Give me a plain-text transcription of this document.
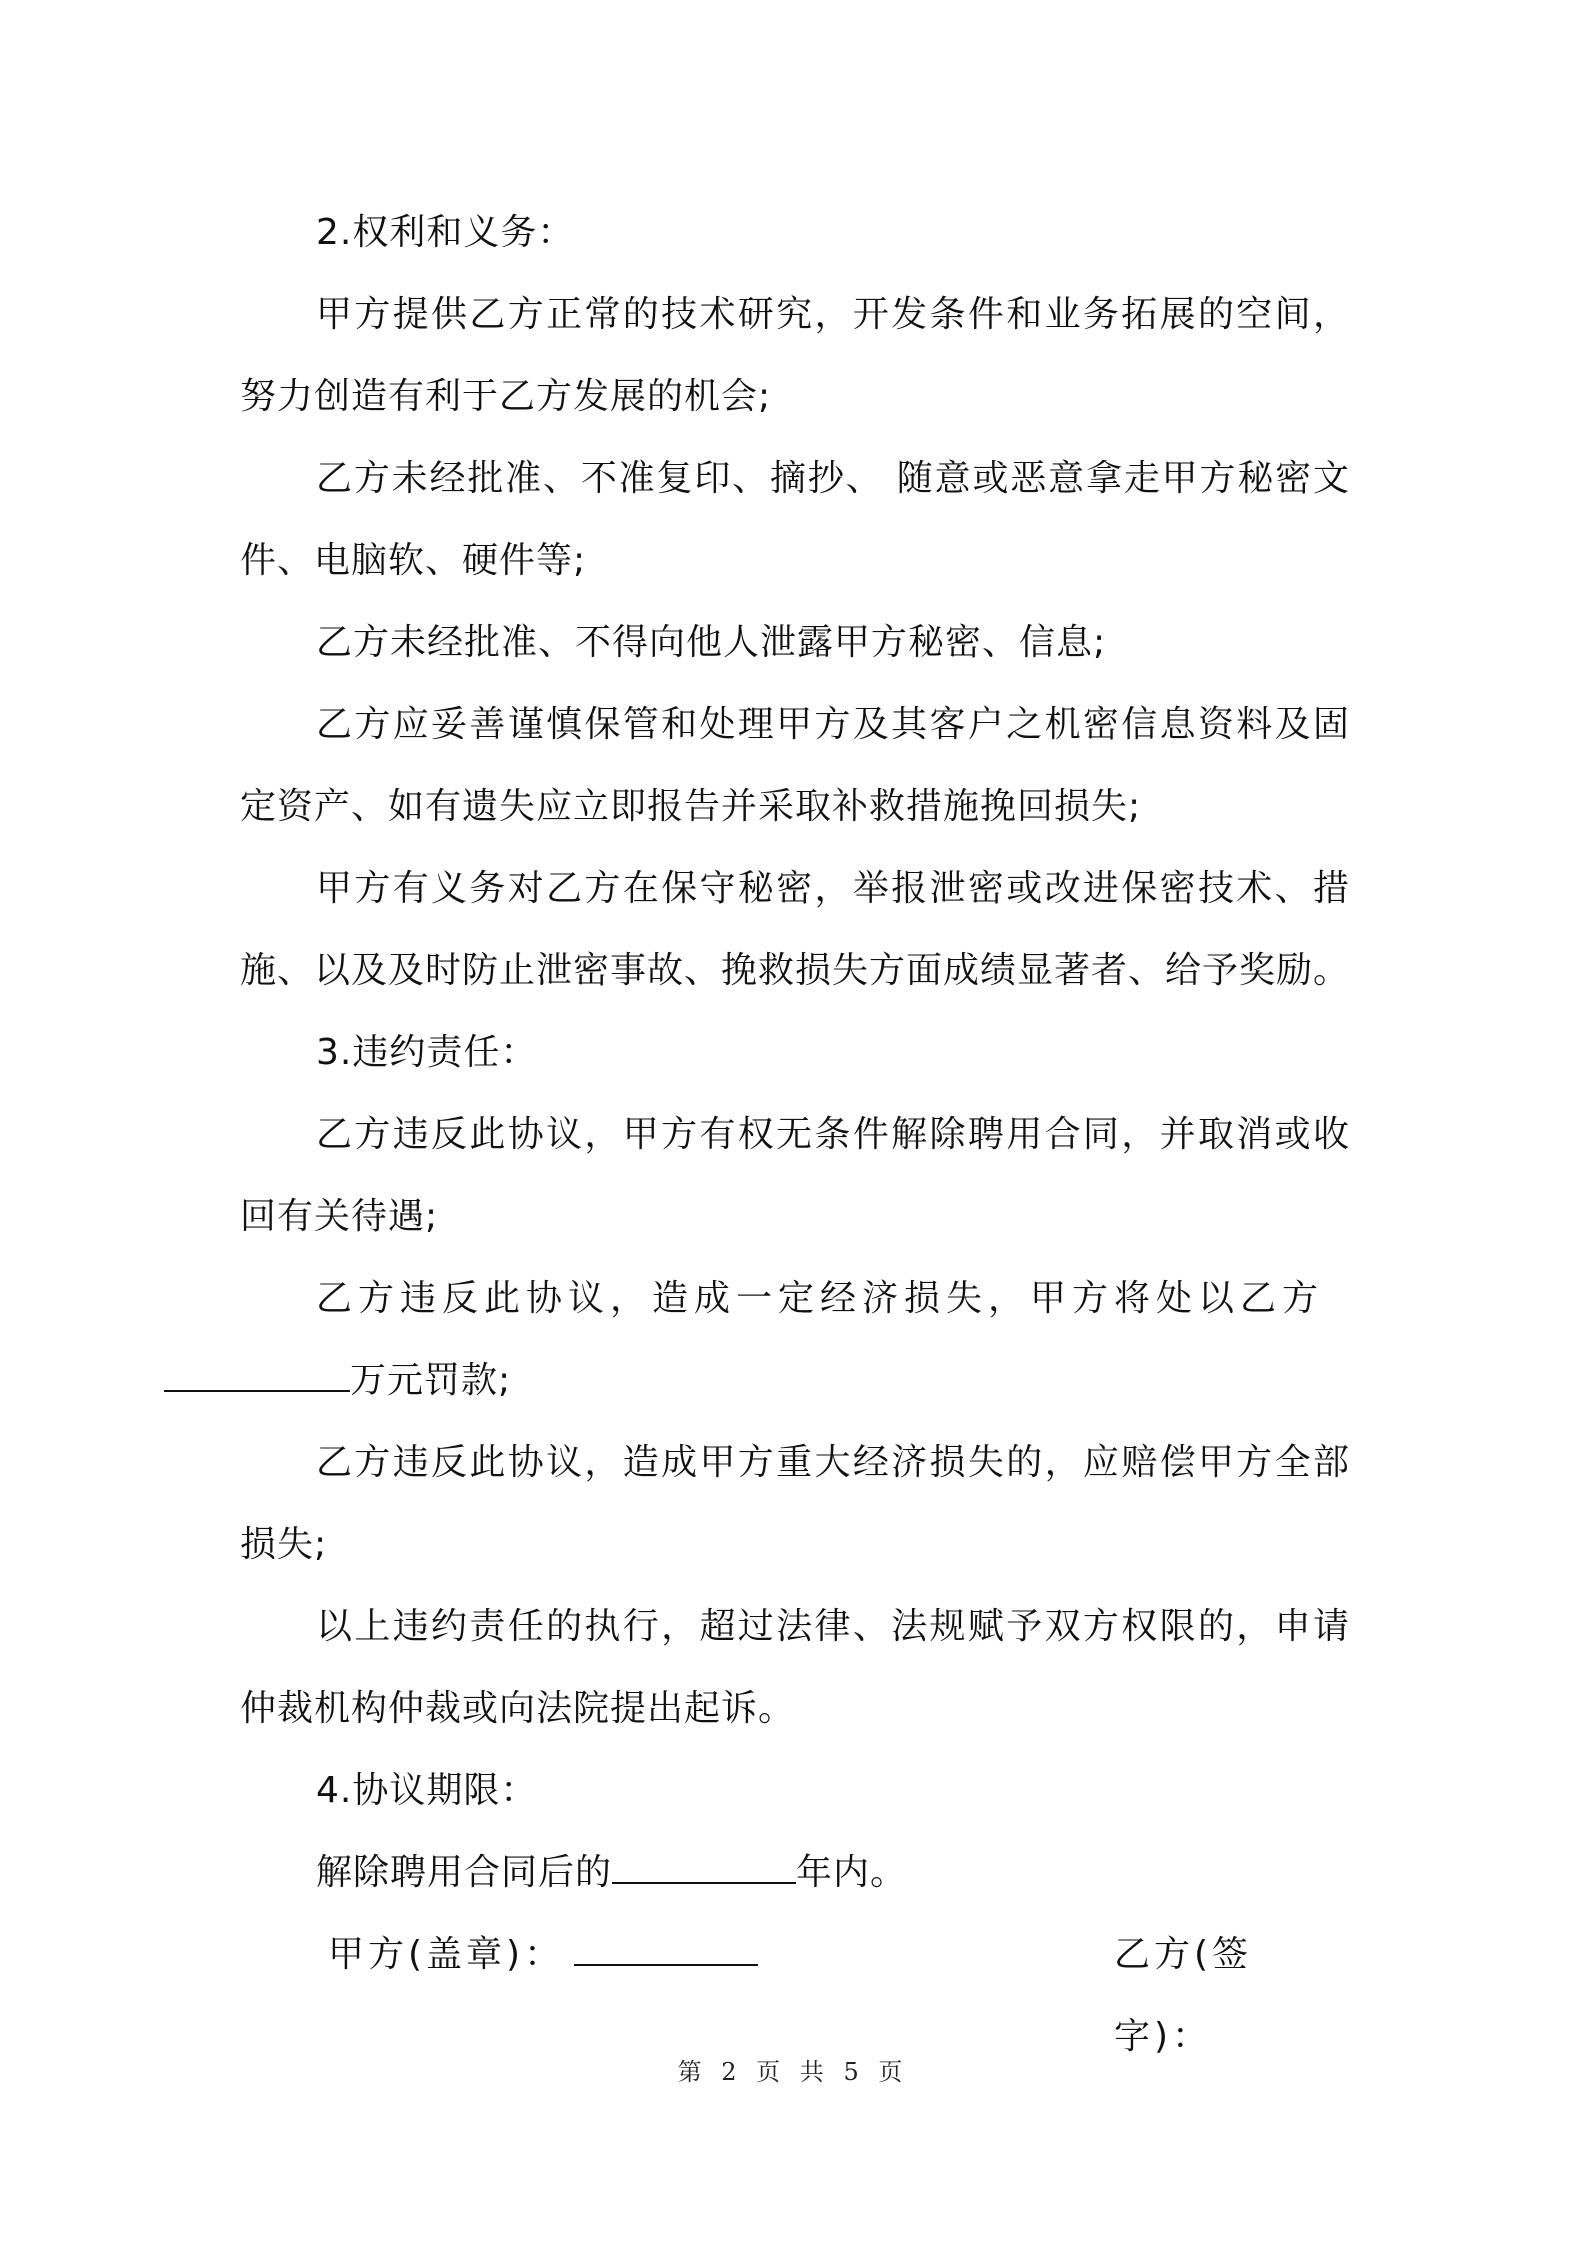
2.权利和义务：

甲方提供乙方正常的技术研究，开发条件和业务拓展的空间，努力创造有利于乙方发展的机会;

乙方未经批准、不准复印、摘抄、 随意或恶意拿走甲方秘密文件、电脑软、硬件等;

乙方未经批准、不得向他人泄露甲方秘密、信息;

乙方应妥善谨慎保管和处理甲方及其客户之机密信息资料及固定资产、如有遗失应立即报告并采取补救措施挽回损失;

甲方有义务对乙方在保守秘密，举报泄密或改进保密技术、措施、以及及时防止泄密事故、挽救损失方面成绩显著者、给予奖励。

3.违约责任：

乙方违反此协议，甲方有权无条件解除聘用合同，并取消或收回有关待遇;

乙方违反此协议，造成一定经济损失，甲方将处以乙方
万元罚款;

乙方违反此协议，造成甲方重大经济损失的，应赔偿甲方全部损失;

以上违约责任的执行，超过法律、法规赋予双方权限的，申请仲裁机构仲裁或向法院提出起诉。

4.协议期限：

解除聘用合同后的	年内。

甲方(盖章)：	乙方(签字)：
第 2 页 共 5 页
